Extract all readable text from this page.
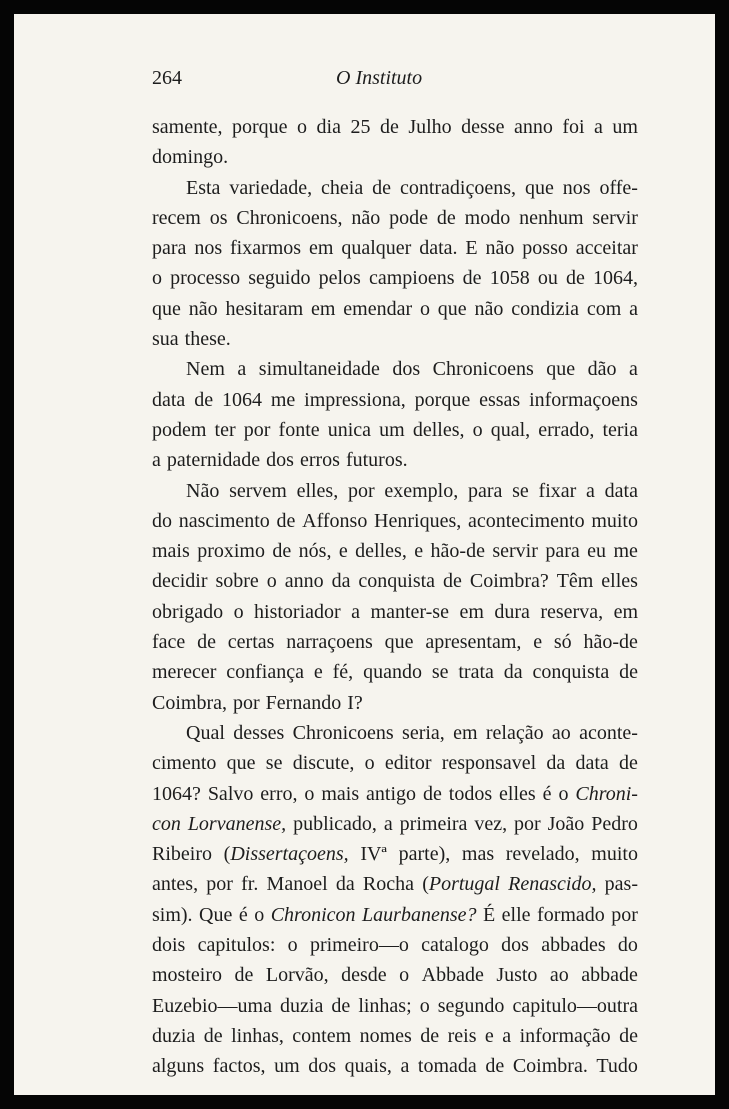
264	O Instituto
samente, porque o dia 25 de Julho desse anno foi a um
domingo.
Esta variedade, cheia de contradiçoens, que nos offe-
recem os Chronicoens, não pode de modo nenhum servir
para nos fixarmos em qualquer data. E não posso acceitar
o processo seguido pelos campioens de 1058 ou de 1064,
que não hesitaram em emendar o que não condizia com a
sua these.
Nem a simultaneidade dos Chronicoens que dão a
data de 1064 me impressiona, porque essas informaçoens
podem ter por fonte unica um delles, o qual, errado, teria
a paternidade dos erros futuros.
Não servem elles, por exemplo, para se fixar a data
do nascimento de Affonso Henriques, acontecimento muito
mais proximo de nós, e delles, e hão-de servir para eu me
decidir sobre o anno da conquista de Coimbra? Têm elles
obrigado o historiador a manter-se em dura reserva, em
face de certas narraçoens que apresentam, e só hão-de
merecer confiança e fé, quando se trata da conquista de
Coimbra, por Fernando I?
Qual desses Chronicoens seria, em relação ao aconte-
cimento que se discute, o editor responsavel da data de
1064? Salvo erro, o mais antigo de todos elles é o Chroni-
con Lorvanense, publicado, a primeira vez, por João Pedro
Ribeiro (Dissertaçoens, IVª parte), mas revelado, muito
antes, por fr. Manoel da Rocha (Portugal Renascido, pas-
sim). Que é o Chronicon Laurbanense? É elle formado por
dois capitulos: o primeiro—o catalogo dos abbades do
mosteiro de Lorvão, desde o Abbade Justo ao abbade
Euzebio—uma duzia de linhas; o segundo capitulo—outra
duzia de linhas, contem nomes de reis e a informação de
alguns factos, um dos quais, a tomada de Coimbra. Tudo
